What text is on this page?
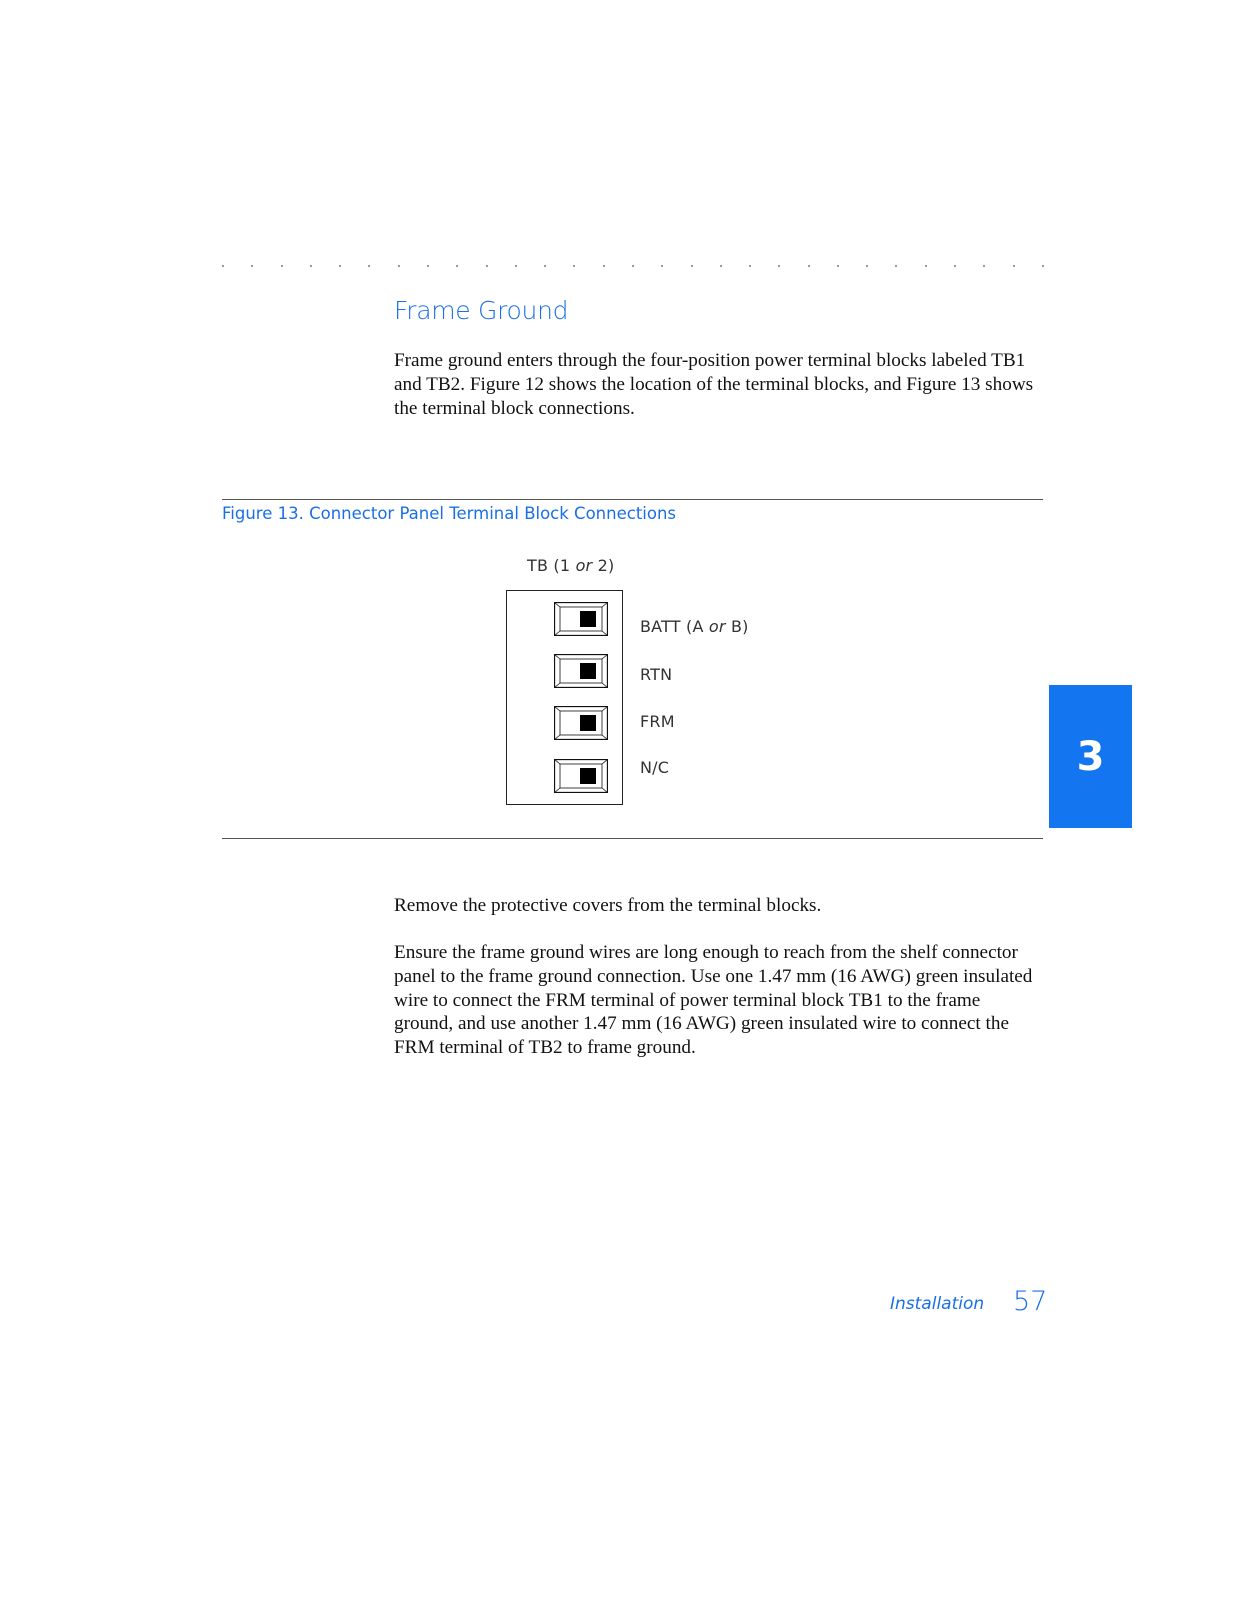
Frame Ground

Frame ground enters through the four-position power terminal blocks labeled TB1 and TB2. Figure 12 shows the location of the terminal blocks, and Figure 13 shows the terminal block connections.

Figure 13. Connector Panel Terminal Block Connections
TB (1 or 2)
BATT (A or B)
RTN
FRM
N/C

Remove the protective covers from the terminal blocks.

Ensure the frame ground wires are long enough to reach from the shelf connector panel to the frame ground connection. Use one 1.47 mm (16 AWG) green insulated wire to connect the FRM terminal of power terminal block TB1 to the frame ground, and use another 1.47 mm (16 AWG) green insulated wire to connect the FRM terminal of TB2 to frame ground.

3
Installation 57
